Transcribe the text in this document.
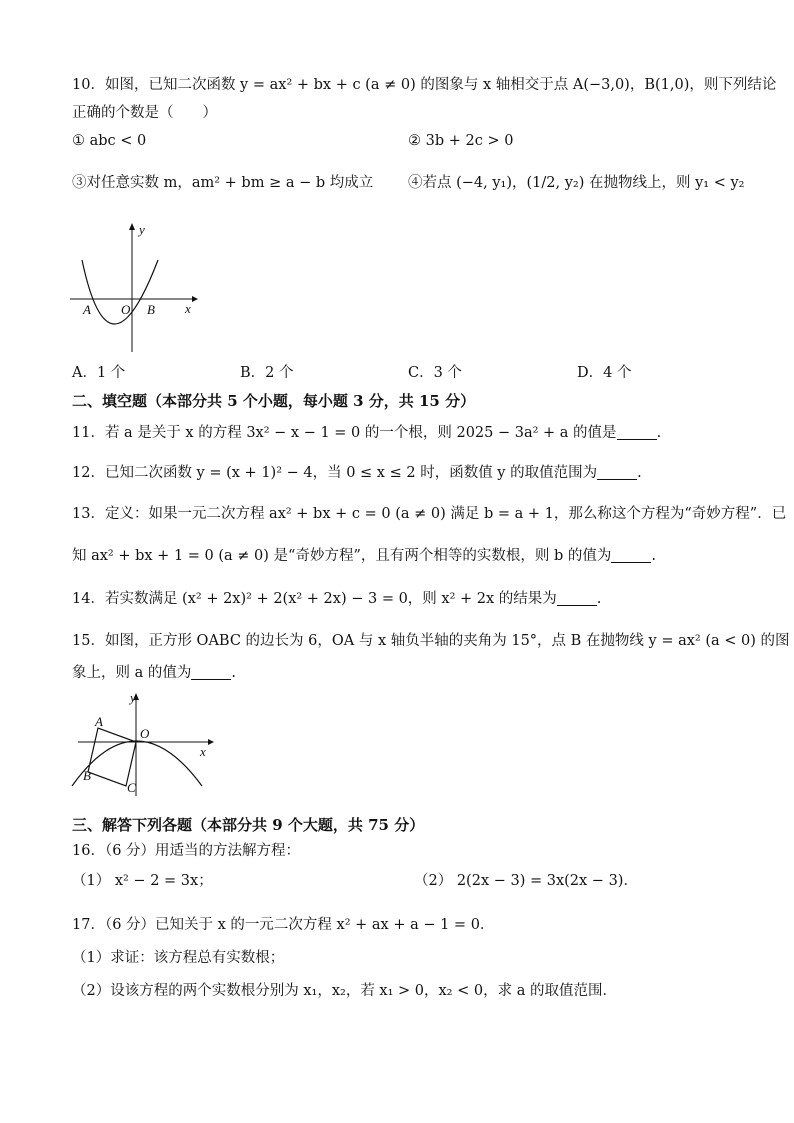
10．如图，已知二次函数 y = ax² + bx + c (a ≠ 0) 的图象与 x 轴相交于点 A(−3,0)，B(1,0)，则下列结论
正确的个数是（　　）
① abc < 0	② 3b + 2c > 0
③对任意实数 m，am² + bm ≥ a − b 均成立 ④若点 (−4, y₁)，(1/2, y₂) 在抛物线上，则 y₁ < y₂
y
x
A O B
A．1 个	B．2 个	C．3 个	D．4 个
二、填空题（本部分共 5 个小题，每小题 3 分，共 15 分）
11．若 a 是关于 x 的方程 3x² − x − 1 = 0 的一个根，则 2025 − 3a² + a 的值是	.
12．已知二次函数 y = (x + 1)² − 4，当 0 ≤ x ≤ 2 时，函数值 y 的取值范围为	.
13．定义：如果一元二次方程 ax² + bx + c = 0 (a ≠ 0) 满足 b = a + 1，那么称这个方程为“奇妙方程”．已
知 ax² + bx + 1 = 0 (a ≠ 0) 是“奇妙方程”，且有两个相等的实数根，则 b 的值为	.
14．若实数满足 (x² + 2x)² + 2(x² + 2x) − 3 = 0，则 x² + 2x 的结果为	.
15．如图，正方形 OABC 的边长为 6，OA 与 x 轴负半轴的夹角为 15°，点 B 在抛物线 y = ax² (a < 0) 的图
象上，则 a 的值为	.
y
x
A
O
B
C
三、解答下列各题（本部分共 9 个大题，共 75 分）
16．（6 分）用适当的方法解方程：
（1） x² − 2 = 3x；	（2） 2(2x − 3) = 3x(2x − 3)．
17．（6 分）已知关于 x 的一元二次方程 x² + ax + a − 1 = 0．
（1）求证：该方程总有实数根；
（2）设该方程的两个实数根分别为 x₁，x₂，若 x₁ > 0，x₂ < 0，求 a 的取值范围．
